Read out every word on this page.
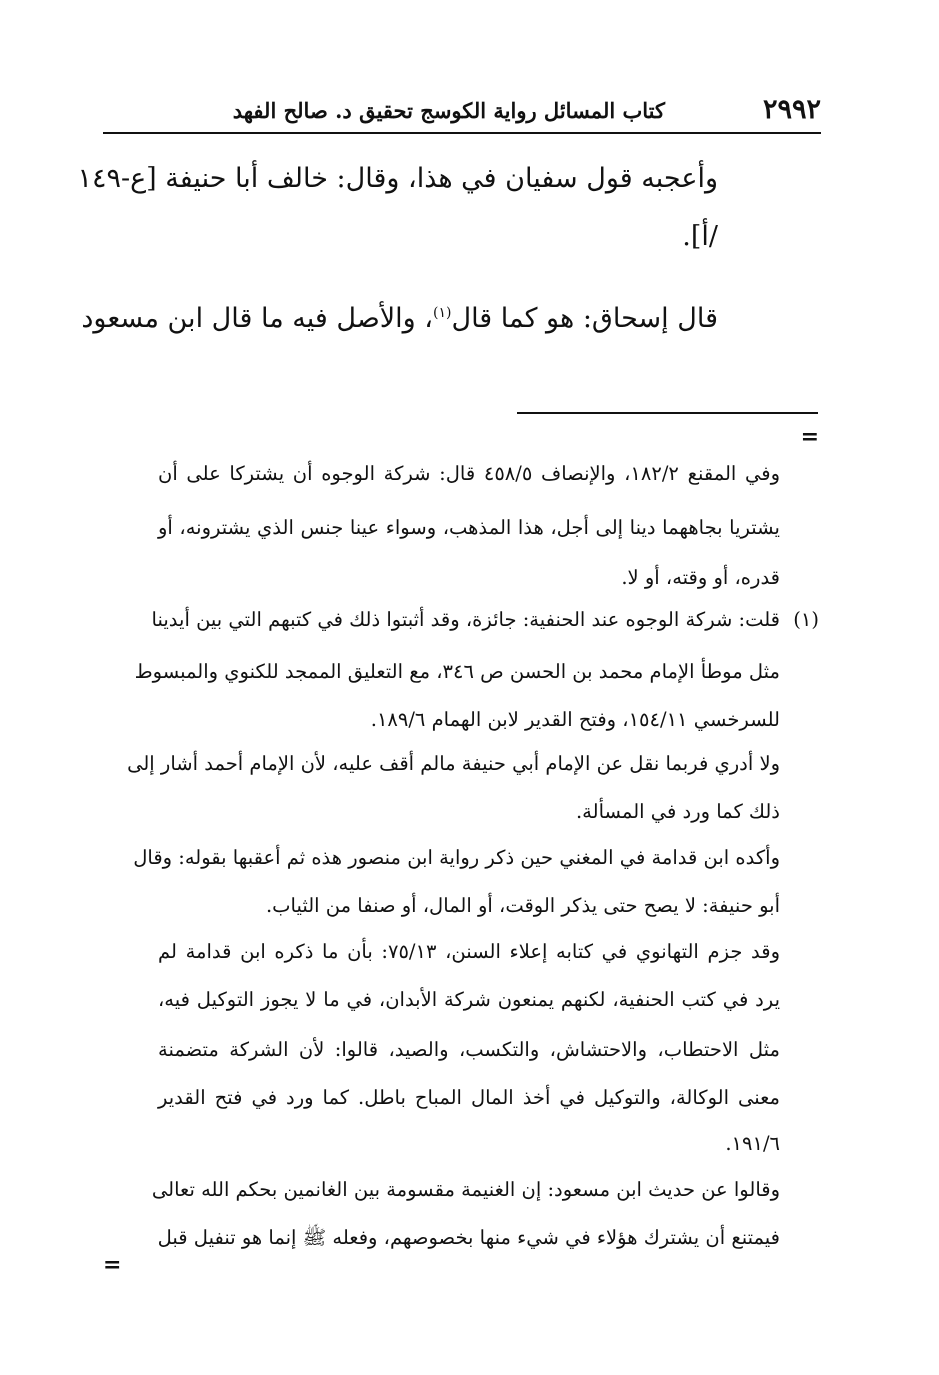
٢٩٩٢
كتاب المسائل رواية الكوسج تحقيق د. صالح الفهد
وأعجبه قول سفيان في هذا، وقال: خالف أبا حنيفة [ع-١٤٩
/أ].
قال إسحاق: هو كما قال$^{(١)}$، والأصل فيه ما قال ابن مسعود
=
(١)
وفي المقنع ١٨٢/٢، والإنصاف ٤٥٨/٥ قال: شركة الوجوه أن يشتركا على أن
يشتريا بجاههما دينا إلى أجل، هذا المذهب، وسواء عينا جنس الذي يشترونه، أو
قدره، أو وقته، أو لا.
قلت: شركة الوجوه عند الحنفية: جائزة، وقد أثبتوا ذلك في كتبهم التي بين أيدينا
مثل موطأ الإمام محمد بن الحسن ص ٣٤٦، مع التعليق الممجد للكنوي والمبسوط
للسرخسي ١٥٤/١١، وفتح القدير لابن الهمام ١٨٩/٦.
ولا أدري فربما نقل عن الإمام أبي حنيفة مالم أقف عليه، لأن الإمام أحمد أشار إلى
ذلك كما ورد في المسألة.
وأكده ابن قدامة في المغني حين ذكر رواية ابن منصور هذه ثم أعقبها بقوله: وقال
أبو حنيفة: لا يصح حتى يذكر الوقت، أو المال، أو صنفا من الثياب.
وقد جزم التهانوي في كتابه إعلاء السنن، ٧٥/١٣: بأن ما ذكره ابن قدامة لم
يرد في كتب الحنفية، لكنهم يمنعون شركة الأبدان، في ما لا يجوز التوكيل فيه،
مثل الاحتطاب، والاحتشاش، والتكسب، والصيد، قالوا: لأن الشركة متضمنة
معنى الوكالة، والتوكيل في أخذ المال المباح باطل. كما ورد في فتح القدير
١٩١/٦.
وقالوا عن حديث ابن مسعود: إن الغنيمة مقسومة بين الغانمين بحكم الله تعالى
فيمتنع أن يشترك هؤلاء في شيء منها بخصوصهم، وفعله ﷺ إنما هو تنفيل قبل
=
